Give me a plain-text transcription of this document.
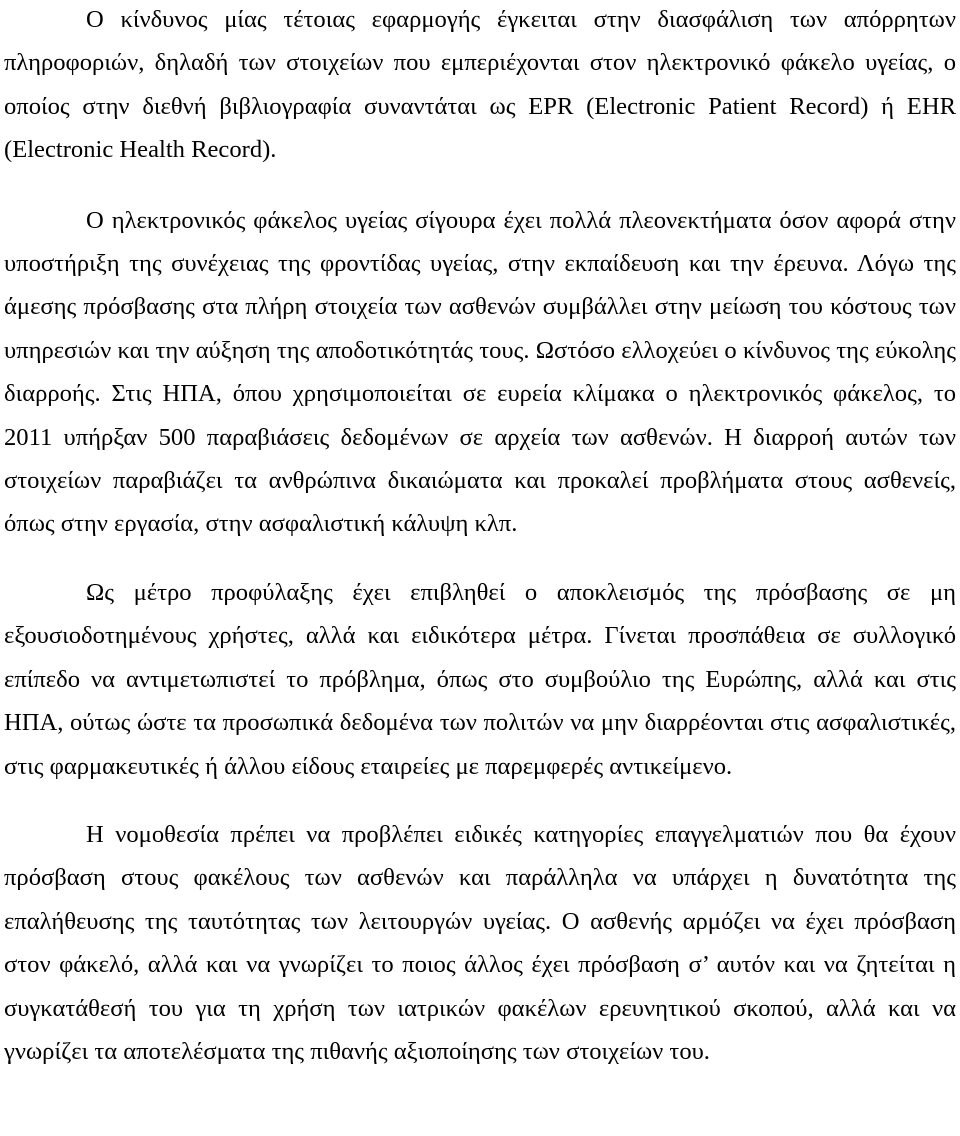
Ο κίνδυνος μίας τέτοιας εφαρμογής έγκειται στην διασφάλιση των απόρρητων πληροφοριών, δηλαδή των στοιχείων που εμπεριέχονται στον ηλεκτρονικό φάκελο υγείας, ο οποίος στην διεθνή βιβλιογραφία συναντάται ως EPR (Electronic Patient Record) ή EHR (Electronic Health Record).

Ο ηλεκτρονικός φάκελος υγείας σίγουρα έχει πολλά πλεονεκτήματα όσον αφορά στην υποστήριξη της συνέχειας της φροντίδας υγείας, στην εκπαίδευση και την έρευνα. Λόγω της άμεσης πρόσβασης στα πλήρη στοιχεία των ασθενών συμβάλλει στην μείωση του κόστους των υπηρεσιών και την αύξηση της αποδοτικότητάς τους. Ωστόσο ελλοχεύει ο κίνδυνος της εύκολης διαρροής. Στις ΗΠΑ, όπου χρησιμοποιείται σε ευρεία κλίμακα ο ηλεκτρονικός φάκελος, το 2011 υπήρξαν 500 παραβιάσεις δεδομένων σε αρχεία των ασθενών. Η διαρροή αυτών των στοιχείων παραβιάζει τα ανθρώπινα δικαιώματα και προκαλεί προβλήματα στους ασθενείς, όπως στην εργασία, στην ασφαλιστική κάλυψη κλπ.

Ως μέτρο προφύλαξης έχει επιβληθεί ο αποκλεισμός της πρόσβασης σε μη εξουσιοδοτημένους χρήστες, αλλά και ειδικότερα μέτρα. Γίνεται προσπάθεια σε συλλογικό επίπεδο να αντιμετωπιστεί το πρόβλημα, όπως στο συμβούλιο της Ευρώπης, αλλά και στις ΗΠΑ, ούτως ώστε τα προσωπικά δεδομένα των πολιτών να μην διαρρέονται στις ασφαλιστικές, στις φαρμακευτικές ή άλλου είδους εταιρείες με παρεμφερές αντικείμενο.

Η νομοθεσία πρέπει να προβλέπει ειδικές κατηγορίες επαγγελματιών που θα έχουν πρόσβαση στους φακέλους των ασθενών και παράλληλα να υπάρχει η δυνατότητα της επαλήθευσης της ταυτότητας των λειτουργών υγείας. Ο ασθενής αρμόζει να έχει πρόσβαση στον φάκελό, αλλά και να γνωρίζει το ποιος άλλος έχει πρόσβαση σ’ αυτόν και να ζητείται η συγκατάθεσή του για τη χρήση των ιατρικών φακέλων ερευνητικού σκοπού, αλλά και να γνωρίζει τα αποτελέσματα της πιθανής αξιοποίησης των στοιχείων του.
